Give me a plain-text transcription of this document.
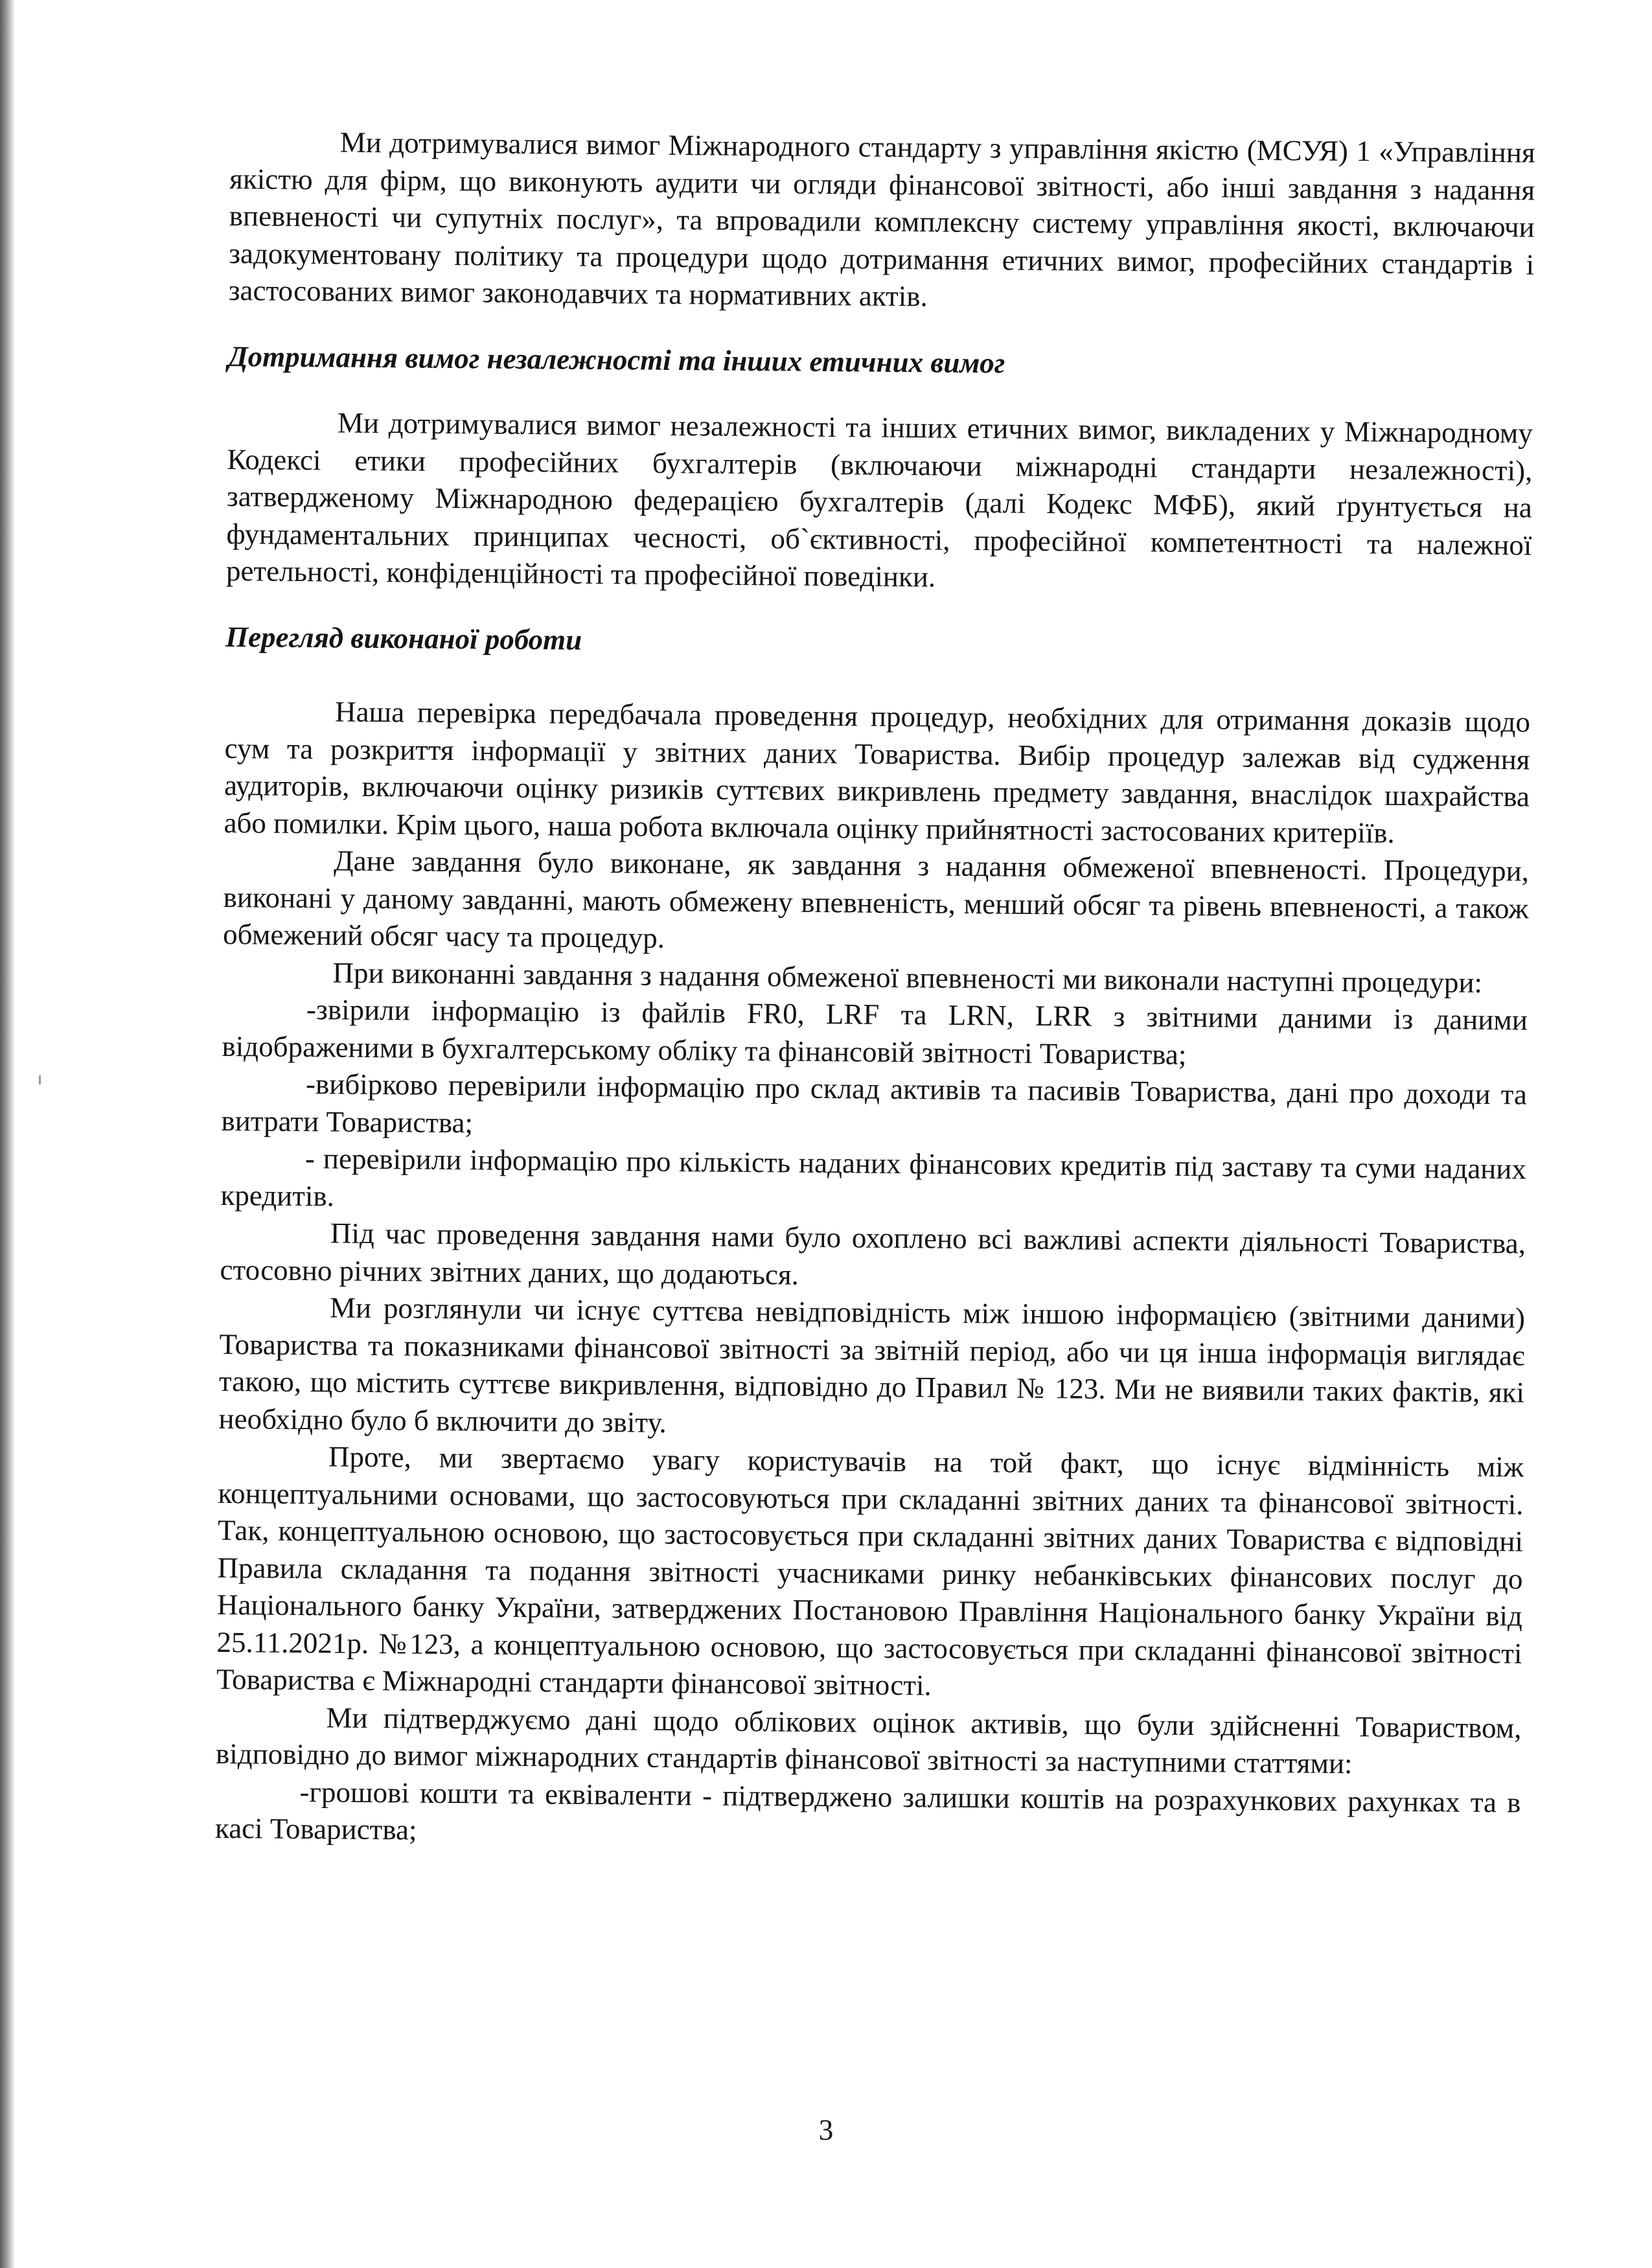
Ми дотримувалися вимог Міжнародного стандарту з управління якістю (МСУЯ) 1 «Управління якістю для фірм, що виконують аудити чи огляди фінансової звітності, або інші завдання з надання впевненості чи супутніх послуг», та впровадили комплексну систему управління якості, включаючи задокументовану політику та процедури щодо дотримання етичних вимог, професійних стандартів і застосованих вимог законодавчих та нормативних актів.

Дотримання вимог незалежності та інших етичних вимог

Ми дотримувалися вимог незалежності та інших етичних вимог, викладених у Міжнародному Кодексі етики професійних бухгалтерів (включаючи міжнародні стандарти незалежності), затвердженому Міжнародною федерацією бухгалтерів (далі Кодекс МФБ), який ґрунтується на фундаментальних принципах чесності, об`єктивності, професійної компетентності та належної ретельності, конфіденційності та професійної поведінки.

Перегляд виконаної роботи

Наша перевірка передбачала проведення процедур, необхідних для отримання доказів щодо сум та розкриття інформації у звітних даних Товариства. Вибір процедур залежав від судження аудиторів, включаючи оцінку ризиків суттєвих викривлень предмету завдання, внаслідок шахрайства або помилки. Крім цього, наша робота включала оцінку прийнятності застосованих критеріїв.

Дане завдання було виконане, як завдання з надання обмеженої впевненості. Процедури, виконані у даному завданні, мають обмежену впевненість, менший обсяг та рівень впевненості, а також обмежений обсяг часу та процедур.

При виконанні завдання з надання обмеженої впевненості ми виконали наступні процедури:

-звірили інформацію із файлів FR0, LRF та LRN, LRR з звітними даними із даними відображеними в бухгалтерському обліку та фінансовій звітності Товариства;

-вибірково перевірили інформацію про склад активів та пасивів Товариства, дані про доходи та витрати Товариства;

- перевірили інформацію про кількість наданих фінансових кредитів під заставу та суми наданих кредитів.

Під час проведення завдання нами було охоплено всі важливі аспекти діяльності Товариства, стосовно річних звітних даних, що додаються.

Ми розглянули чи існує суттєва невідповідність між іншою інформацією (звітними даними) Товариства та показниками фінансової звітності за звітній період, або чи ця інша інформація виглядає такою, що містить суттєве викривлення, відповідно до Правил № 123. Ми не виявили таких фактів, які необхідно було б включити до звіту.

Проте, ми звертаємо увагу користувачів на той факт, що існує відмінність між концептуальними основами, що застосовуються при складанні звітних даних та фінансової звітності. Так, концептуальною основою, що застосовується при складанні звітних даних Товариства є відповідні Правила складання та подання звітності учасниками ринку небанківських фінансових послуг до Національного банку України, затверджених Постановою Правління Національного банку України від 25.11.2021р. №123, а концептуальною основою, що застосовується при складанні фінансової звітності Товариства є Міжнародні стандарти фінансової звітності.

Ми підтверджуємо дані щодо облікових оцінок активів, що були здійсненні Товариством, відповідно до вимог міжнародних стандартів фінансової звітності за наступними статтями:

-грошові кошти та еквіваленти - підтверджено залишки коштів на розрахункових рахунках та в касі Товариства;

3
